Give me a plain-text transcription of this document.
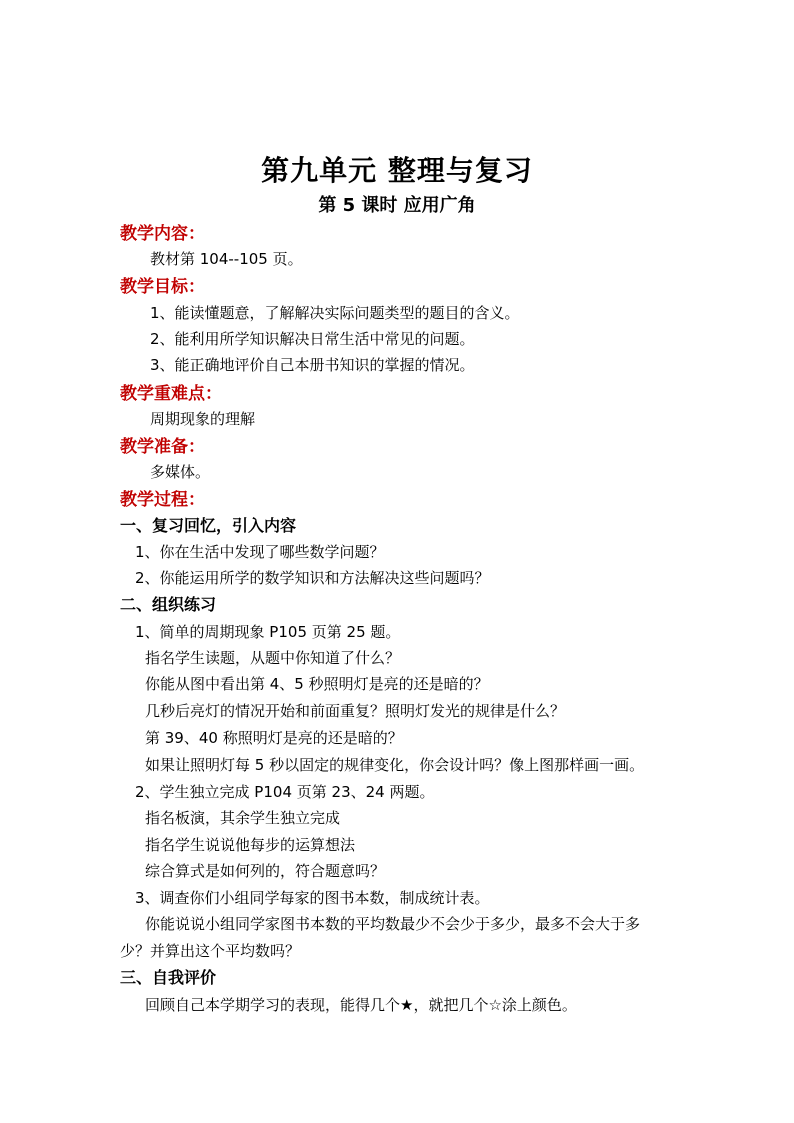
第九单元 整理与复习
第 5 课时 应用广角
教学内容：
教材第 104--105 页。
教学目标：
1、能读懂题意，了解解决实际问题类型的题目的含义。
2、能利用所学知识解决日常生活中常见的问题。
3、能正确地评价自己本册书知识的掌握的情况。
教学重难点：
周期现象的理解
教学准备：
多媒体。
教学过程：
一、复习回忆，引入内容
1、你在生活中发现了哪些数学问题？
2、你能运用所学的数学知识和方法解决这些问题吗？
二、组织练习
1、简单的周期现象 P105 页第 25 题。
指名学生读题，从题中你知道了什么？
你能从图中看出第 4、5 秒照明灯是亮的还是暗的？
几秒后亮灯的情况开始和前面重复？照明灯发光的规律是什么？
第 39、40 称照明灯是亮的还是暗的？
如果让照明灯每 5 秒以固定的规律变化，你会设计吗？像上图那样画一画。
2、学生独立完成 P104 页第 23、24 两题。
指名板演，其余学生独立完成
指名学生说说他每步的运算想法
综合算式是如何列的，符合题意吗？
3、调查你们小组同学每家的图书本数，制成统计表。
你能说说小组同学家图书本数的平均数最少不会少于多少，最多不会大于多
少？并算出这个平均数吗？
三、自我评价
回顾自己本学期学习的表现，能得几个★，就把几个☆涂上颜色。
